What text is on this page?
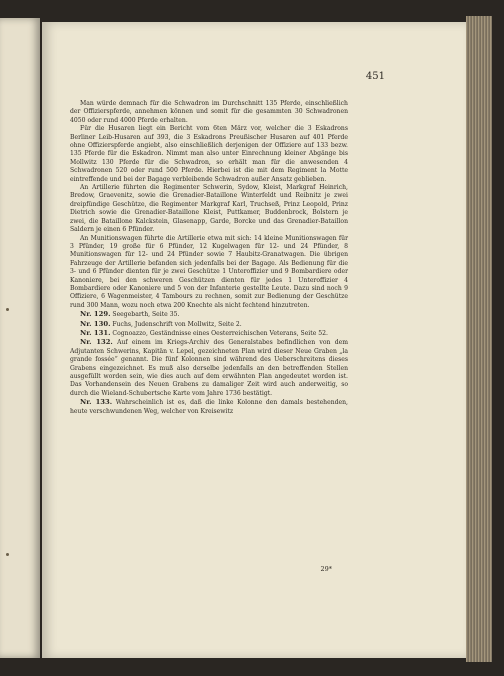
451

Man würde demnach für die Schwadron im Durchschnitt 135 Pferde, einschließlich der Offizierspferde, annehmen können und somit für die gesammten 30 Schwadronen 4050 oder rund 4000 Pferde erhalten.

Für die Husaren liegt ein Bericht vom 6ten März vor, welcher die 3 Eskadrons Berliner Leib-Husaren auf 393, die 3 Eskadrons Preußischer Husaren auf 401 Pferde ohne Offizierspferde angiebt, also einschließlich derjenigen der Offiziere auf 133 bezw. 135 Pferde für die Eskadron. Nimmt man also unter Einrechnung kleiner Abgänge bis Mollwitz 130 Pferde für die Schwadron, so erhält man für die anwesenden 4 Schwadronen 520 oder rund 500 Pferde. Hierbei ist die mit dem Regiment la Motte eintreffende und bei der Bagage verbleibende Schwadron außer Ansatz geblieben.

An Artillerie führten die Regimenter Schwerin, Sydow, Kleist, Markgraf Heinrich, Bredow, Graevenitz, sowie die Grenadier-Bataillone Winterfeldt und Reibnitz je zwei dreipfündige Geschütze, die Regimenter Markgraf Karl, Truchseß, Prinz Leopold, Prinz Dietrich sowie die Grenadier-Bataillone Kleist, Puttkamer, Buddenbrock, Bolstern je zwei, die Bataillone Kalckstein, Glasenapp, Garde, Borcke und das Grenadier-Bataillon Saldern je einen 6 Pfünder.

An Munitionswagen führte die Artillerie etwa mit sich: 14 kleine Munitionswagen für 3 Pfünder, 19 große für 6 Pfünder, 12 Kugelwagen für 12- und 24 Pfünder, 8 Munitionswagen für 12- und 24 Pfünder sowie 7 Haubitz-Granatwagen. Die übrigen Fahrzeuge der Artillerie befanden sich jedenfalls bei der Bagage. Als Bedienung für die 3- und 6 Pfünder dienten für je zwei Geschütze 1 Unteroffizier und 9 Bombardiere oder Kanoniere, bei den schweren Geschützen dienten für jedes 1 Unteroffizier 4 Bombardiere oder Kanoniere und 5 von der Infanterie gestellte Leute. Dazu sind noch 9 Offiziere, 6 Wagenmeister, 4 Tambours zu rechnen, somit zur Bedienung der Geschütze rund 300 Mann, wozu noch etwa 200 Knechte als nicht fechtend hinzutreten.

Nr. 129. Seegebarth, Seite 35.

Nr. 130. Fuchs, Judenschrift von Mollwitz, Seite 2.

Nr. 131. Cognoazzo, Geständnisse eines Oesterreichischen Veterans, Seite 52.

Nr. 132. Auf einem im Kriegs-Archiv des Generalstabes befindlichen von dem Adjutanten Schwerins, Kapitän v. Lepel, gezeichneten Plan wird dieser Neue Graben „la grande fossée“ genannt. Die fünf Kolonnen sind während des Ueberschreitens dieses Grabens eingezeichnet. Es muß also derselbe jedenfalls an den betreffenden Stellen ausgefüllt worden sein, wie dies auch auf dem erwähnten Plan angedeutet worden ist. Das Vorhandensein des Neuen Grabens zu damaliger Zeit wird auch anderweitig, so durch die Wieland-Schubertsche Karte vom Jahre 1736 bestätigt.

Nr. 133. Wahrscheinlich ist es, daß die linke Kolonne den damals bestehenden, heute verschwundenen Weg, welcher von Kreisewitz

29*
